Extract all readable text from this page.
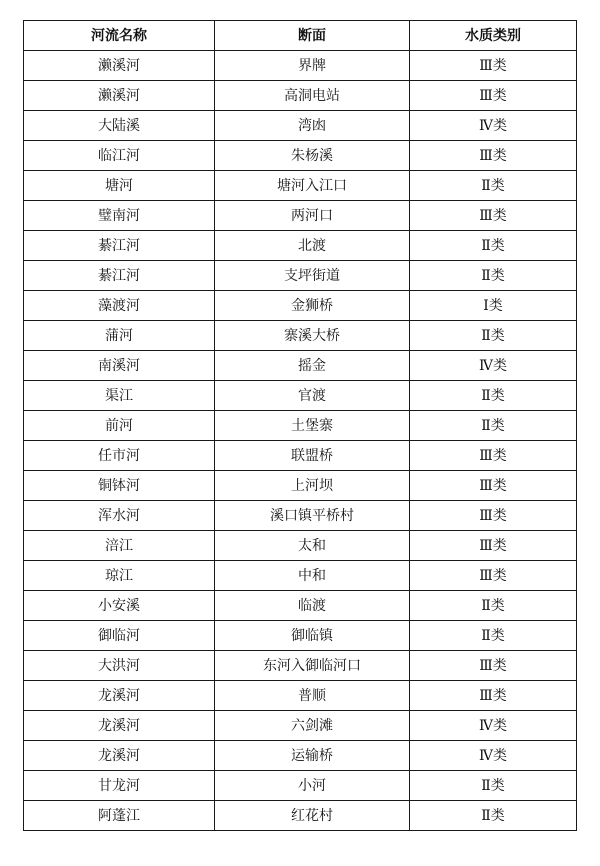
河流名称	断面	水质类别
濑溪河	界牌	Ⅲ类
濑溪河	高洞电站	Ⅲ类
大陆溪	湾凼	Ⅳ类
临江河	朱杨溪	Ⅲ类
塘河	塘河入江口	Ⅱ类
璧南河	两河口	Ⅲ类
綦江河	北渡	Ⅱ类
綦江河	支坪街道	Ⅱ类
藻渡河	金狮桥	Ⅰ类
蒲河	寨溪大桥	Ⅱ类
南溪河	摇金	Ⅳ类
渠江	官渡	Ⅱ类
前河	土堡寨	Ⅱ类
任市河	联盟桥	Ⅲ类
铜钵河	上河坝	Ⅲ类
浑水河	溪口镇平桥村	Ⅲ类
涪江	太和	Ⅲ类
琼江	中和	Ⅲ类
小安溪	临渡	Ⅱ类
御临河	御临镇	Ⅱ类
大洪河	东河入御临河口	Ⅲ类
龙溪河	普顺	Ⅲ类
龙溪河	六剑滩	Ⅳ类
龙溪河	运输桥	Ⅳ类
甘龙河	小河	Ⅱ类
阿蓬江	红花村	Ⅱ类
